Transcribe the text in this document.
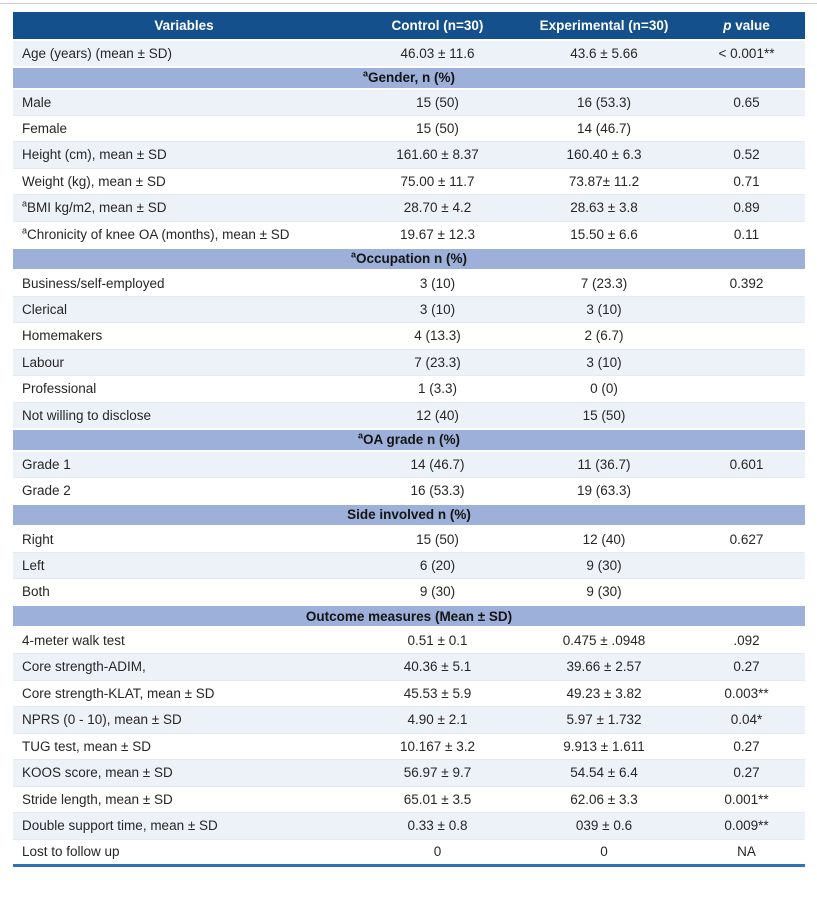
Variables	Control (n=30)	Experimental (n=30)	p value
Age (years) (mean ± SD)	46.03 ± 11.6	43.6 ± 5.66	< 0.001**
$^a$Gender, n (%)			
Male	15 (50)	16 (53.3)	0.65
Female	15 (50)	14 (46.7)	
Height (cm), mean ± SD	161.60 ± 8.37	160.40 ± 6.3	0.52
Weight (kg), mean ± SD	75.00 ± 11.7	73.87± 11.2	0.71
$^a$BMI kg/m2, mean ± SD	28.70 ± 4.2	28.63 ± 3.8	0.89
$^a$Chronicity of knee OA (months), mean ± SD	19.67 ± 12.3	15.50 ± 6.6	0.11
$^a$Occupation n (%)			
Business/self-employed	3 (10)	7 (23.3)	0.392
Clerical	3 (10)	3 (10)	
Homemakers	4 (13.3)	2 (6.7)	
Labour	7 (23.3)	3 (10)	
Professional	1 (3.3)	0 (0)	
Not willing to disclose	12 (40)	15 (50)	
$^a$OA grade n (%)			
Grade 1	14 (46.7)	11 (36.7)	0.601
Grade 2	16 (53.3)	19 (63.3)	
Side involved n (%)			
Right	15 (50)	12 (40)	0.627
Left	6 (20)	9 (30)	
Both	9 (30)	9 (30)	
Outcome measures (Mean ± SD)			
4-meter walk test	0.51 ± 0.1	0.475 ± .0948	.092
Core strength-ADIM,	40.36 ± 5.1	39.66 ± 2.57	0.27
Core strength-KLAT, mean ± SD	45.53 ± 5.9	49.23 ± 3.82	0.003**
NPRS (0 - 10), mean ± SD	4.90 ± 2.1	5.97 ± 1.732	0.04*
TUG test, mean ± SD	10.167 ± 3.2	9.913 ± 1.611	0.27
KOOS score, mean ± SD	56.97 ± 9.7	54.54 ± 6.4	0.27
Stride length, mean ± SD	65.01 ± 3.5	62.06 ± 3.3	0.001**
Double support time, mean ± SD	0.33 ± 0.8	039 ± 0.6	0.009**
Lost to follow up	0	0	NA
